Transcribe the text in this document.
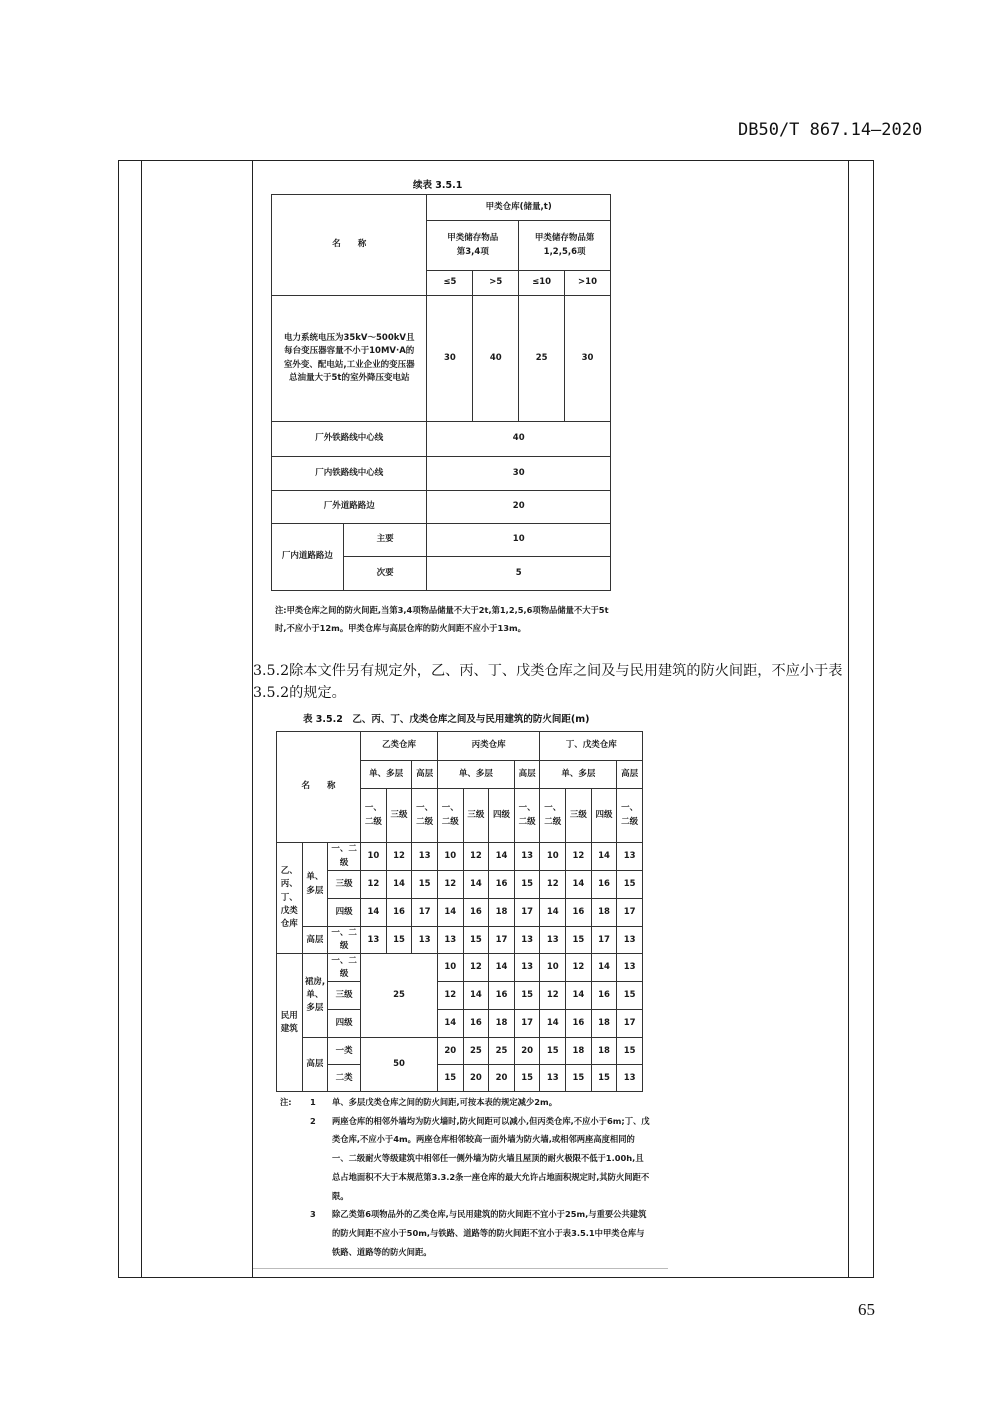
DB50/T 867.14—2020
65
续表 3.5.1
名　　称		甲类仓库(储量,t)			
		甲类储存物品第3,4项		甲类储存物品第1,2,5,6项	
		≤5	>5	≤10	>10
电力系统电压为35kV～500kV且每台变压器容量不小于10MV·A的室外变、配电站,工业企业的变压器总油量大于5t的室外降压变电站		30	40	25	30
厂外铁路线中心线		40			
厂内铁路线中心线		30			
厂外道路路边		20			
厂内道路路边	主要	10			
	次要	5			
注:甲类仓库之间的防火间距,当第3,4项物品储量不大于2t,第1,2,5,6项物品储量不大于5t时,不应小于12m。甲类仓库与高层仓库的防火间距不应小于13m。
3.5.2除本文件另有规定外，乙、丙、丁、戊类仓库之间及与民用建筑的防火间距，不应小于表3.5.2的规定。
表 3.5.2　乙、丙、丁、戊类仓库之间及与民用建筑的防火间距(m)
名　　称			乙类仓库			丙类仓库				丁、戊类仓库			
			单、多层		高层	单、多层			高层	单、多层			高层
			一、二级	三级	一、二级	一、二级	三级	四级	一、二级	一、二级	三级	四级	一、二级
乙、丙、丁、戊类仓库	单、多层	一、二级	10	12	13	10	12	14	13	10	12	14	13
		三级	12	14	15	12	14	16	15	12	14	16	15
		四级	14	16	17	14	16	18	17	14	16	18	17
	高层	一、二级	13	15	13	13	15	17	13	13	15	17	13
民用建筑	裙房,单、多层	一、二级	25			10	12	14	13	10	12	14	13
		三级				12	14	16	15	12	14	16	15
		四级				14	16	18	17	14	16	18	17
	高层	一类	50			20	25	25	20	15	18	18	15
		二类				15	20	20	15	13	15	15	13
注:	1	单、多层戊类仓库之间的防火间距,可按本表的规定减少2m。
2	两座仓库的相邻外墙均为防火墙时,防火间距可以减小,但丙类仓库,不应小于6m;丁、戊类仓库,不应小于4m。两座仓库相邻较高一面外墙为防火墙,或相邻两座高度相同的一、二级耐火等级建筑中相邻任一侧外墙为防火墙且屋顶的耐火极限不低于1.00h,且总占地面积不大于本规范第3.3.2条一座仓库的最大允许占地面积规定时,其防火间距不限。
3	除乙类第6项物品外的乙类仓库,与民用建筑的防火间距不宜小于25m,与重要公共建筑的防火间距不应小于50m,与铁路、道路等的防火间距不宜小于表3.5.1中甲类仓库与铁路、道路等的防火间距。
